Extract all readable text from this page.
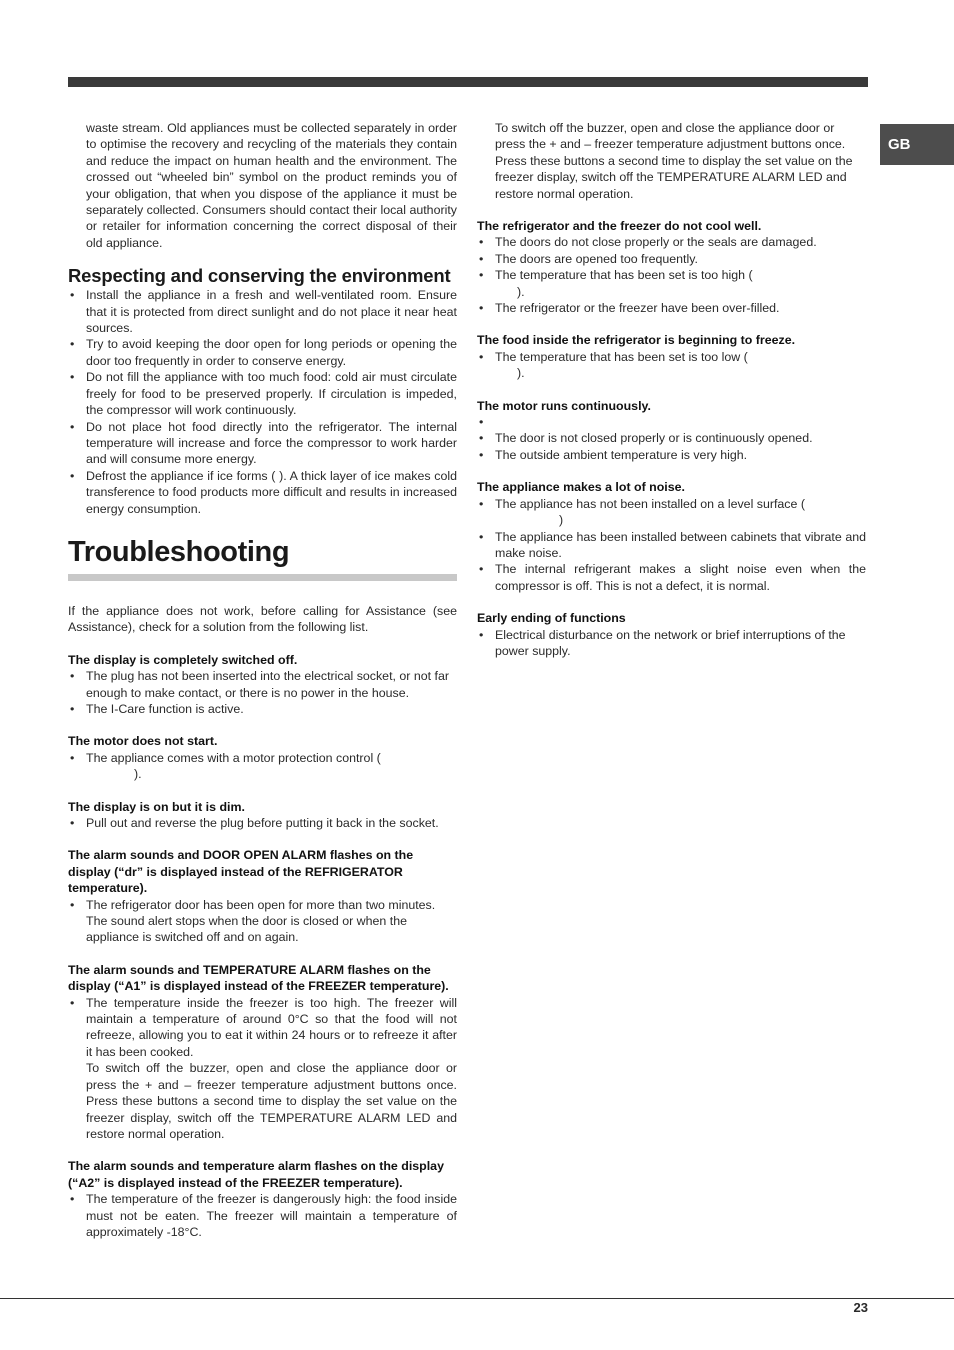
GB

waste stream. Old appliances must be collected separately in order to optimise the recovery and recycling of the materials they contain and reduce the impact on human health and the environment. The crossed out “wheeled bin” symbol on the product reminds you of your obligation, that when you dispose of the appliance it must be separately collected. Consumers should contact their local authority or retailer for information concerning the correct disposal of their old appliance.

Respecting and conserving the environment
• Install the appliance in a fresh and well-ventilated room. Ensure that it is protected from direct sunlight and do not place it near heat sources.
• Try to avoid keeping the door open for long periods or opening the door too frequently in order to conserve energy.
• Do not fill the appliance with too much food: cold air must circulate freely for food to be preserved properly. If circulation is impeded, the compressor will work continuously.
• Do not place hot food directly into the refrigerator. The internal temperature will increase and force the compressor to work harder and will consume more energy.
• Defrost the appliance if ice forms ( ). A thick layer of ice makes cold transference to food products more difficult and results in increased energy consumption.
Troubleshooting

If the appliance does not work, before calling for Assistance (see Assistance), check for a solution from the following list.

The display is completely switched off.
• The plug has not been inserted into the electrical socket, or not far enough to make contact, or there is no power in the house.
• The I-Care function is active.
The motor does not start.
• The appliance comes with a motor protection control (
).
The display is on but it is dim.
• Pull out and reverse the plug before putting it back in the socket.
The alarm sounds and DOOR OPEN ALARM flashes on the display (“dr” is displayed instead of the REFRIGERATOR temperature).
• The refrigerator door has been open for more than two minutes. The sound alert stops when the door is closed or when the appliance is switched off and on again.
The alarm sounds and TEMPERATURE ALARM flashes on the display (“A1” is displayed instead of the FREEZER temperature).
• The temperature inside the freezer is too high. The freezer will maintain a temperature of around 0°C so that the food will not refreeze, allowing you to eat it within 24 hours or to refreeze it after it has been cooked.
To switch off the buzzer, open and close the appliance door or press the + and – freezer temperature adjustment buttons once. Press these buttons a second time to display the set value on the freezer display, switch off the TEMPERATURE ALARM LED and restore normal operation.
The alarm sounds and temperature alarm flashes on the display (“A2” is displayed instead of the FREEZER temperature).
• The temperature of the freezer is dangerously high: the food inside must not be eaten. The freezer will maintain a temperature of approximately -18°C.

To switch off the buzzer, open and close the appliance door or press the + and – freezer temperature adjustment buttons once. Press these buttons a second time to display the set value on the freezer display, switch off the TEMPERATURE ALARM LED and restore normal operation.

The refrigerator and the freezer do not cool well.
• The doors do not close properly or the seals are damaged.
• The doors are opened too frequently.
• The temperature that has been set is too high (
).
• The refrigerator or the freezer have been over-filled.
The food inside the refrigerator is beginning to freeze.
• The temperature that has been set is too low (
).
The motor runs continuously.
•
• The door is not closed properly or is continuously opened.
• The outside ambient temperature is very high.
The appliance makes a lot of noise.
• The appliance has not been installed on a level surface (
)
• The appliance has been installed between cabinets that vibrate and make noise.
• The internal refrigerant makes a slight noise even when the compressor is off. This is not a defect, it is normal.
Early ending of functions
• Electrical disturbance on the network or brief interruptions of the power supply.
23
